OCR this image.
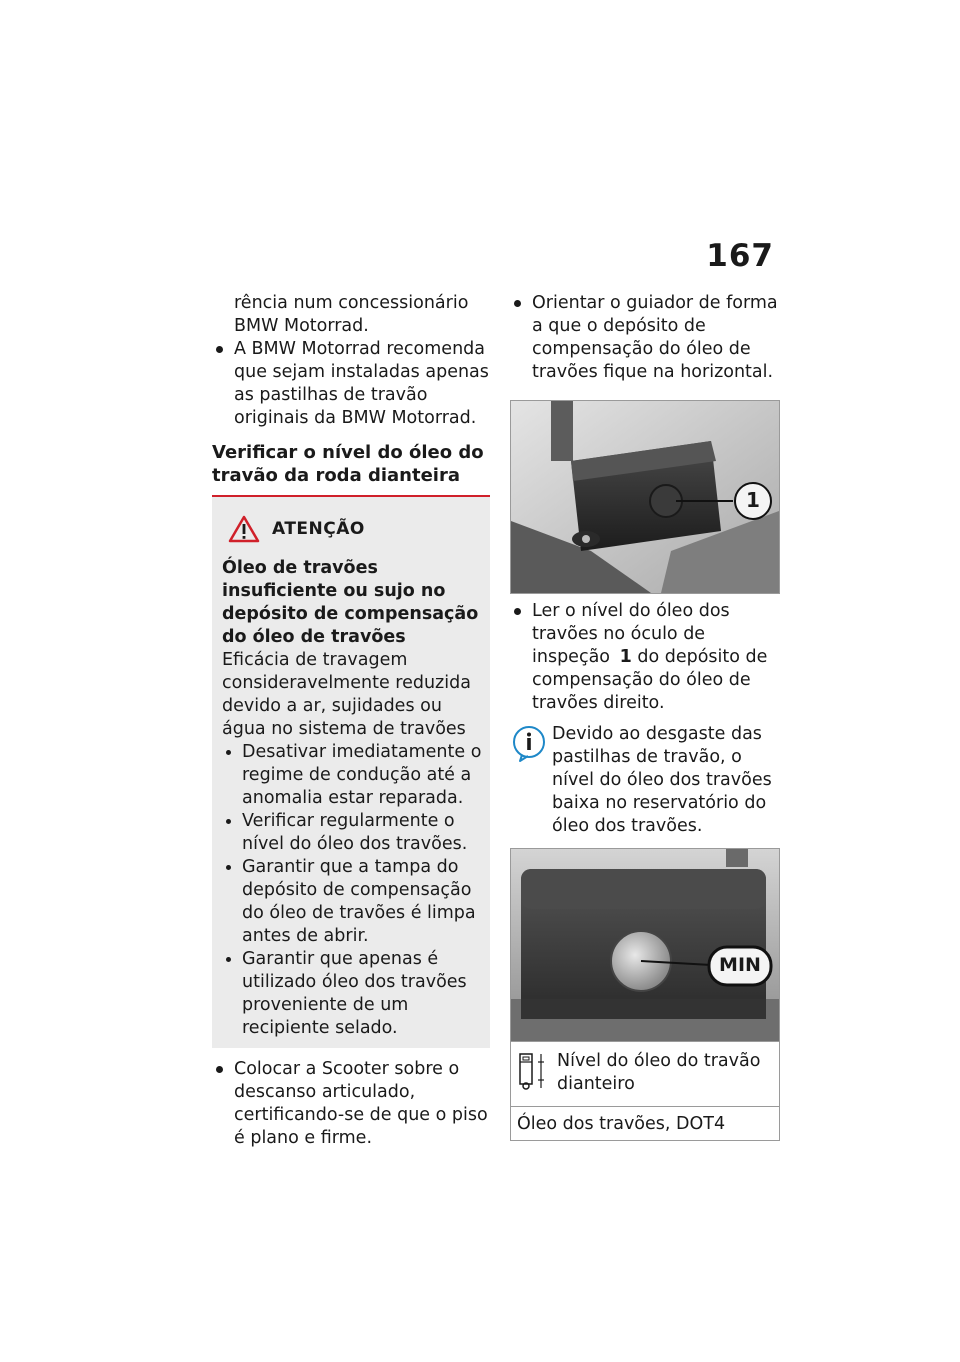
167

rência num concessionário

BMW Motorrad.

A BMW Motorrad recomenda que sejam instaladas apenas as pastilhas de travão originais da BMW Motorrad.

Verificar o nível do óleo do travão da roda dianteira

ATENÇÃO

Óleo de travões insuficiente ou sujo no depósito de compensação do óleo de travões

Eficácia de travagem consideravelmente reduzida devido a ar, sujidades ou água no sistema de travões

Desativar imediatamente o regime de condução até a anomalia estar reparada.

Verificar regularmente o nível do óleo dos travões.

Garantir que a tampa do depósito de compensação do óleo de travões é limpa antes de abrir.

Garantir que apenas é utilizado óleo dos travões proveniente de um recipiente selado.

Colocar a Scooter sobre o descanso articulado, certificando-se de que o piso é plano e firme.

Orientar o guiador de forma a que o depósito de compensação do óleo de travões fique na horizontal.

1

Ler o nível do óleo dos travões no óculo de inspeção 1 do depósito de compensação do óleo de travões direito.

Devido ao desgaste das pastilhas de travão, o nível do óleo dos travões baixa no reservatório do óleo dos travões.

MIN
Nível do óleo do travão dianteiro
Óleo dos travões, DOT4
